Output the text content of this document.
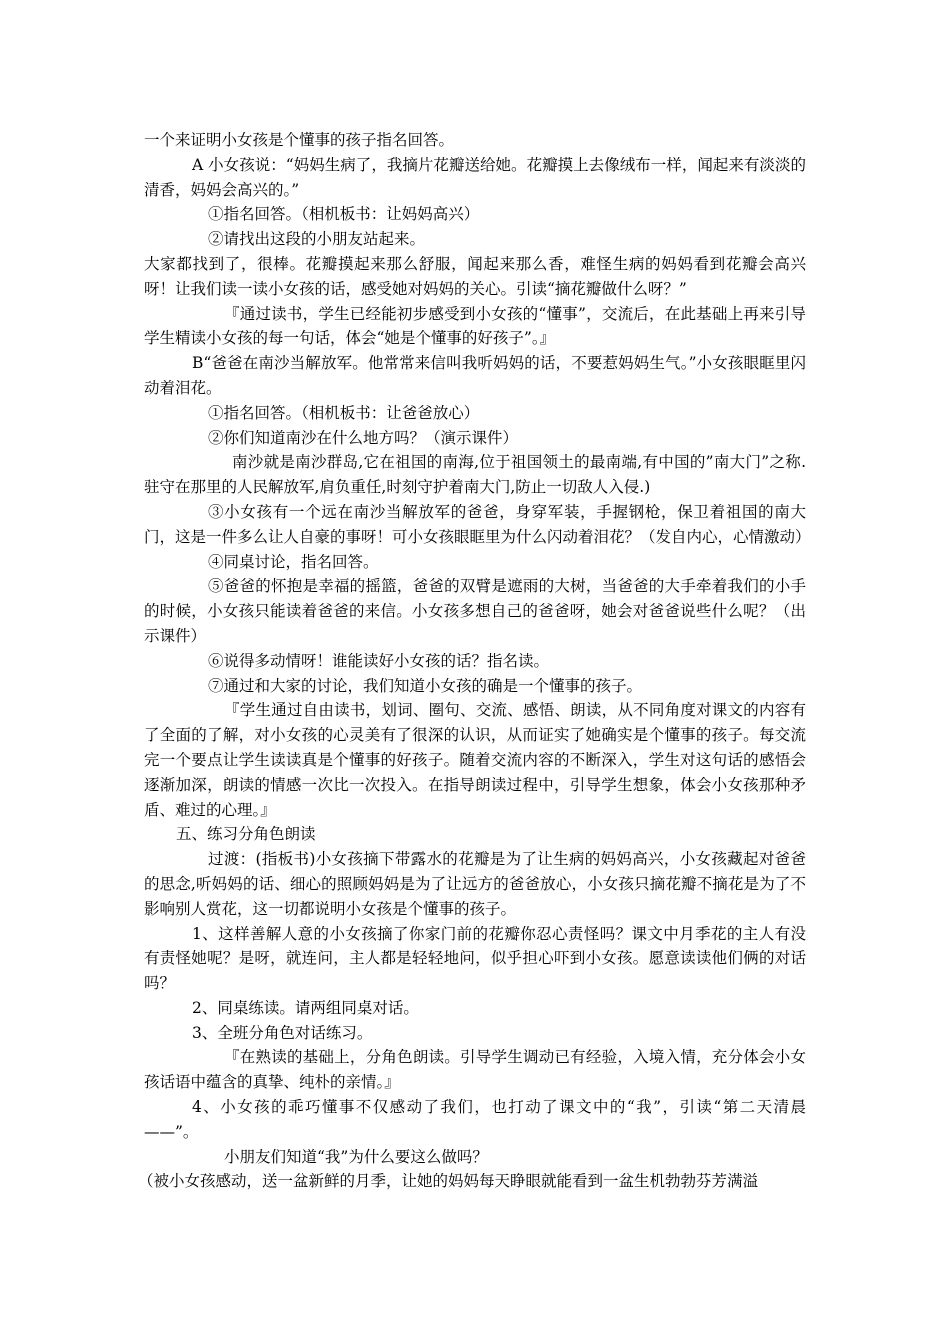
一个来证明小女孩是个懂事的孩子指名回答。

A 小女孩说：“妈妈生病了，我摘片花瓣送给她。花瓣摸上去像绒布一样，闻起来有淡淡的清香，妈妈会高兴的。”

①指名回答。（相机板书：让妈妈高兴）

②请找出这段的小朋友站起来。

大家都找到了，很棒。花瓣摸起来那么舒服，闻起来那么香，难怪生病的妈妈看到花瓣会高兴呀！让我们读一读小女孩的话，感受她对妈妈的关心。引读“摘花瓣做什么呀？”

『通过读书，学生已经能初步感受到小女孩的“懂事”，交流后，在此基础上再来引导学生精读小女孩的每一句话，体会“她是个懂事的好孩子”。』

B“爸爸在南沙当解放军。他常常来信叫我听妈妈的话，不要惹妈妈生气。”小女孩眼眶里闪动着泪花。

①指名回答。（相机板书：让爸爸放心）

②你们知道南沙在什么地方吗？（演示课件）

南沙就是南沙群岛,它在祖国的南海,位于祖国领土的最南端,有中国的”南大门”之称.驻守在那里的人民解放军,肩负重任,时刻守护着南大门,防止一切敌人入侵.)

③小女孩有一个远在南沙当解放军的爸爸，身穿军装，手握钢枪，保卫着祖国的南大门，这是一件多么让人自豪的事呀！可小女孩眼眶里为什么闪动着泪花？（发自内心，心情激动）

④同桌讨论，指名回答。

⑤爸爸的怀抱是幸福的摇篮，爸爸的双臂是遮雨的大树，当爸爸的大手牵着我们的小手的时候，小女孩只能读着爸爸的来信。小女孩多想自己的爸爸呀，她会对爸爸说些什么呢？（出示课件）

⑥说得多动情呀！谁能读好小女孩的话？指名读。

⑦通过和大家的讨论，我们知道小女孩的确是一个懂事的孩子。

『学生通过自由读书，划词、圈句、交流、感悟、朗读，从不同角度对课文的内容有了全面的了解，对小女孩的心灵美有了很深的认识，从而证实了她确实是个懂事的孩子。每交流完一个要点让学生读读真是个懂事的好孩子。随着交流内容的不断深入，学生对这句话的感悟会逐渐加深，朗读的情感一次比一次投入。在指导朗读过程中，引导学生想象，体会小女孩那种矛盾、难过的心理。』

五、练习分角色朗读

过渡：(指板书)小女孩摘下带露水的花瓣是为了让生病的妈妈高兴，小女孩藏起对爸爸的思念,听妈妈的话、细心的照顾妈妈是为了让远方的爸爸放心，小女孩只摘花瓣不摘花是为了不影响别人赏花，这一切都说明小女孩是个懂事的孩子。

1、这样善解人意的小女孩摘了你家门前的花瓣你忍心责怪吗？课文中月季花的主人有没有责怪她呢？是呀，就连问，主人都是轻轻地问，似乎担心吓到小女孩。愿意读读他们俩的对话吗？

2、同桌练读。请两组同桌对话。

3、全班分角色对话练习。

『在熟读的基础上，分角色朗读。引导学生调动已有经验，入境入情，充分体会小女孩话语中蕴含的真挚、纯朴的亲情。』

4、小女孩的乖巧懂事不仅感动了我们，也打动了课文中的“我”，引读“第二天清晨——”。

小朋友们知道“我”为什么要这么做吗？

（被小女孩感动，送一盆新鲜的月季，让她的妈妈每天睁眼就能看到一盆生机勃勃芬芳满溢
